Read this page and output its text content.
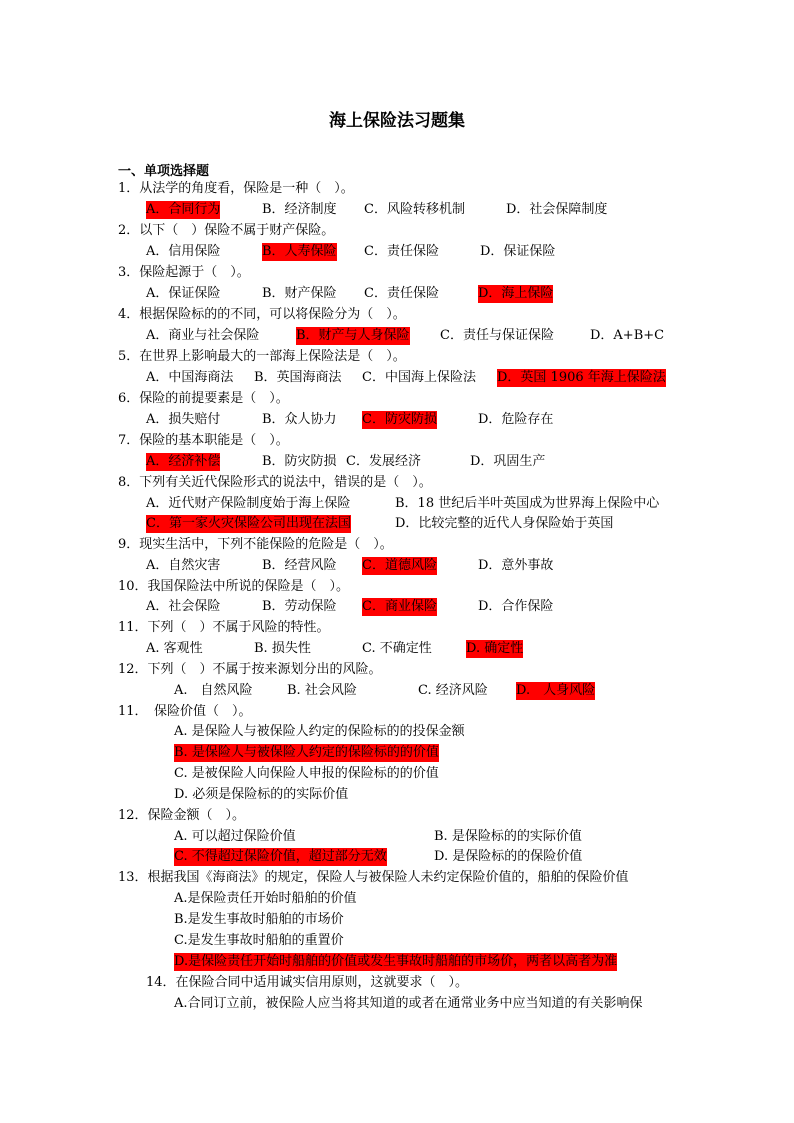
海上保险法习题集
一、单项选择题
1．从法学的角度看，保险是一种（　）。
A．合同行为	B．经济制度 C．风险转移机制	D．社会保障制度
2．以下（　）保险不属于财产保险。
A．信用保险	B．人寿保险 C．责任保险	D．保证保险
3．保险起源于（　）。
A．保证保险	B．财产保险 C．责任保险	D．海上保险
4．根据保险标的的不同，可以将保险分为（　）。
A．商业与社会保险	B．财产与人身保险 C．责任与保证保险	D．A+B+C
5．在世界上影响最大的一部海上保险法是（　）。
A．中国海商法 B．英国海商法 C．中国海上保险法 D．英国 1906 年海上保险法
6．保险的前提要素是（　）。
A．损失赔付	B．众人协力 C．防灾防损	D．危险存在
7．保险的基本职能是（　）。
A．经济补偿	B．防灾防损 C．发展经济	D．巩固生产
8．下列有关近代保险形式的说法中，错误的是（　）。
A．近代财产保险制度始于海上保险	B．18 世纪后半叶英国成为世界海上保险中心
C．第一家火灾保险公司出现在法国	D．比较完整的近代人身保险始于英国
9．现实生活中，下列不能保险的危险是（　）。
A．自然灾害	B．经营风险 C．道德风险	D．意外事故
10．我国保险法中所说的保险是（　）。
A．社会保险	B．劳动保险 C．商业保险	D．合作保险
11．下列（　）不属于风险的特性。
A. 客观性	B. 损失性	C. 不确定性	D. 确定性
12．下列（　）不属于按来源划分出的风险。
A.　自然风险	B. 社会风险	C. 经济风险 D.　人身风险
11．　保险价值（　）。
A. 是保险人与被保险人约定的保险标的的投保金额
B. 是保险人与被保险人约定的保险标的的价值
C. 是被保险人向保险人申报的保险标的的价值
D. 必须是保险标的的实际价值
12．保险金额（　）。
A. 可以超过保险价值	B. 是保险标的的实际价值
C. 不得超过保险价值，超过部分无效	D. 是保险标的的保险价值
13．根据我国《海商法》的规定，保险人与被保险人未约定保险价值的，船舶的保险价值
A.是保险责任开始时船舶的价值
B.是发生事故时船舶的市场价
C.是发生事故时船舶的重置价
D.是保险责任开始时船舶的价值或发生事故时船舶的市场价，两者以高者为准
14．在保险合同中适用诚实信用原则，这就要求（　）。
A.合同订立前，被保险人应当将其知道的或者在通常业务中应当知道的有关影响保
